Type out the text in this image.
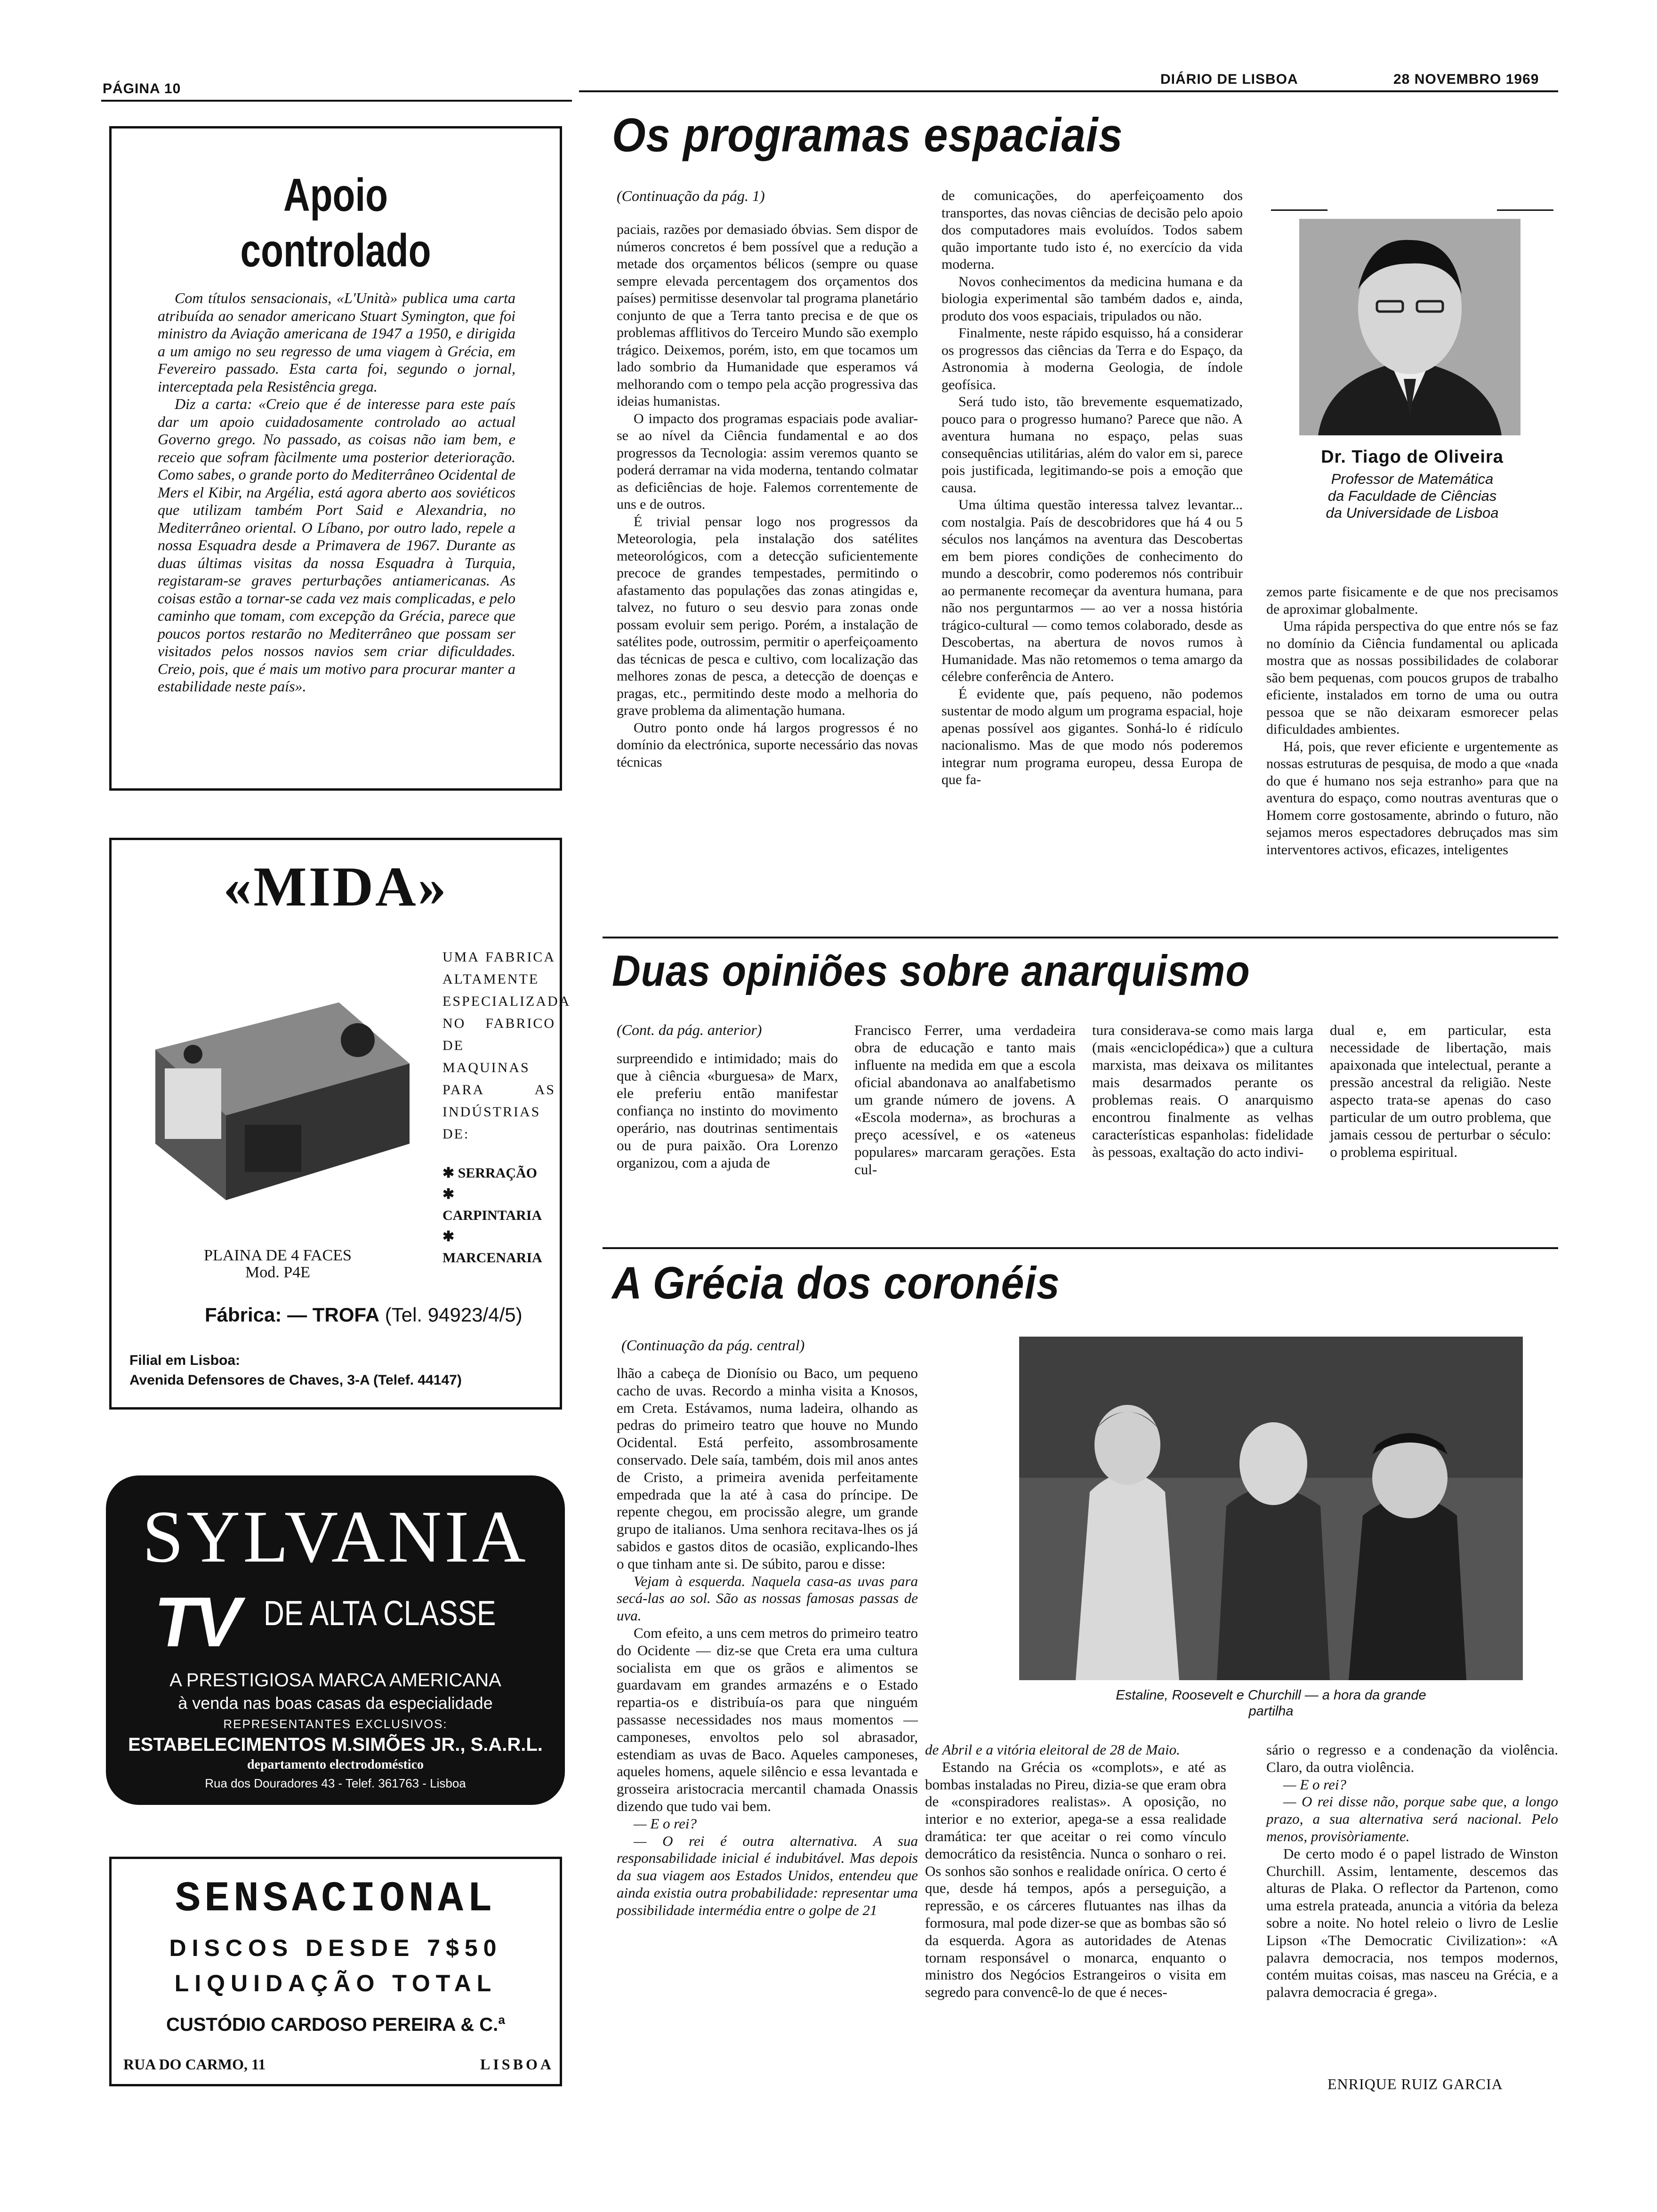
PÁGINA 10
DIÁRIO DE LISBOA	28 NOVEMBRO 1969
Apoio
controlado

Com títulos sensacionais, «L'Unità» publica uma carta atribuída ao senador americano Stuart Symington, que foi ministro da Aviação americana de 1947 a 1950, e dirigida a um amigo no seu regresso de uma viagem à Grécia, em Fevereiro passado. Esta carta foi, segundo o jornal, interceptada pela Resistência grega.

Diz a carta: «Creio que é de interesse para este país dar um apoio cuidadosamente controlado ao actual Governo grego. No passado, as coisas não iam bem, e receio que sofram fàcilmente uma posterior deterioração. Como sabes, o grande porto do Mediterrâneo Ocidental de Mers el Kibir, na Argélia, está agora aberto aos soviéticos que utilizam também Port Said e Alexandria, no Mediterrâneo oriental. O Líbano, por outro lado, repele a nossa Esquadra desde a Primavera de 1967. Durante as duas últimas visitas da nossa Esquadra à Turquia, registaram-se graves perturbações antiamericanas. As coisas estão a tornar-se cada vez mais complicadas, e pelo caminho que tomam, com excepção da Grécia, parece que poucos portos restarão no Mediterrâneo que possam ser visitados pelos nossos navios sem criar dificuldades. Creio, pois, que é mais um motivo para procurar manter a estabilidade neste país».

«MIDA»
PLAINA DE 4 FACES
Mod. P4E
UMA FABRICA ALTAMENTE ESPECIALIZADA NO FABRICO DE MAQUINAS PARA AS INDÚSTRIAS DE:
✱ SERRAÇÃO
✱ CARPINTARIA
✱ MARCENARIA
Fábrica: — TROFA (Tel. 94923/4/5)
Filial em Lisboa:
Avenida Defensores de Chaves, 3-A (Telef. 44147)
SYLVANIA
TV DE ALTA CLASSE
A PRESTIGIOSA MARCA AMERICANA
à venda nas boas casas da especialidade
REPRESENTANTES EXCLUSIVOS:
ESTABELECIMENTOS M.SIMÕES JR., S.A.R.L.
departamento electrodoméstico
Rua dos Douradores 43 - Telef. 361763 - Lisboa
SENSACIONAL
DISCOS DESDE 7$50
LIQUIDAÇÃO TOTAL
CUSTÓDIO CARDOSO PEREIRA & C.ª
RUA DO CARMO, 11	LISBOA
Os programas espaciais
(Continuação da pág. 1)

paciais, razões por demasiado óbvias. Sem dispor de números concretos é bem possível que a redução a metade dos orçamentos bélicos (sempre ou quase sempre elevada percentagem dos orçamentos dos países) permitisse desenvolar tal programa planetário conjunto de que a Terra tanto precisa e de que os problemas afflitivos do Terceiro Mundo são exemplo trágico. Deixemos, porém, isto, em que tocamos um lado sombrio da Humanidade que esperamos vá melhorando com o tempo pela acção progressiva das ideias humanistas.

O impacto dos programas espaciais pode avaliar-se ao nível da Ciência fundamental e ao dos progressos da Tecnologia: assim veremos quanto se poderá derramar na vida moderna, tentando colmatar as deficiências de hoje. Falemos correntemente de uns e de outros.

É trivial pensar logo nos progressos da Meteorologia, pela instalação dos satélites meteorológicos, com a detecção suficientemente precoce de grandes tempestades, permitindo o afastamento das populações das zonas atingidas e, talvez, no futuro o seu desvio para zonas onde possam evoluir sem perigo. Porém, a instalação de satélites pode, outrossim, permitir o aperfeiçoamento das técnicas de pesca e cultivo, com localização das melhores zonas de pesca, a detecção de doenças e pragas, etc., permitindo deste modo a melhoria do grave problema da alimentação humana.

Outro ponto onde há largos progressos é no domínio da electrónica, suporte necessário das novas técnicas

de comunicações, do aperfeiçoamento dos transportes, das novas ciências de decisão pelo apoio dos computadores mais evoluídos. Todos sabem quão importante tudo isto é, no exercício da vida moderna.

Novos conhecimentos da medicina humana e da biologia experimental são também dados e, ainda, produto dos voos espaciais, tripulados ou não.

Finalmente, neste rápido esquisso, há a considerar os progressos das ciências da Terra e do Espaço, da Astronomia à moderna Geologia, de índole geofísica.

Será tudo isto, tão brevemente esquematizado, pouco para o progresso humano? Parece que não. A aventura humana no espaço, pelas suas consequências utilitárias, além do valor em si, parece pois justificada, legitimando-se pois a emoção que causa.

Uma última questão interessa talvez levantar... com nostalgia. País de descobridores que há 4 ou 5 séculos nos lançámos na aventura das Descobertas em bem piores condições de conhecimento do mundo a descobrir, como poderemos nós contribuir ao permanente recomeçar da aventura humana, para não nos perguntarmos — ao ver a nossa história trágico-cultural — como temos colaborado, desde as Descobertas, na abertura de novos rumos à Humanidade. Mas não retomemos o tema amargo da célebre conferência de Antero.

É evidente que, país pequeno, não podemos sustentar de modo algum um programa espacial, hoje apenas possível aos gigantes. Sonhá-lo é ridículo nacionalismo. Mas de que modo nós poderemos integrar num programa europeu, dessa Europa de que fa-

Dr. Tiago de Oliveira
Professor de Matemática
da Faculdade de Ciências
da Universidade de Lisboa

zemos parte fisicamente e de que nos precisamos de aproximar globalmente.

Uma rápida perspectiva do que entre nós se faz no domínio da Ciência fundamental ou aplicada mostra que as nossas possibilidades de colaborar são bem pequenas, com poucos grupos de trabalho eficiente, instalados em torno de uma ou outra pessoa que se não deixaram esmorecer pelas dificuldades ambientes.

Há, pois, que rever eficiente e urgentemente as nossas estruturas de pesquisa, de modo a que «nada do que é humano nos seja estranho» para que na aventura do espaço, como noutras aventuras que o Homem corre gostosamente, abrindo o futuro, não sejamos meros espectadores debruçados mas sim interventores activos, eficazes, inteligentes

Duas opiniões sobre anarquismo
(Cont. da pág. anterior)
surpreendido e intimidado; mais do que à ciência «burguesa» de Marx, ele preferiu então manifestar confiança no instinto do movimento operário, nas doutrinas sentimentais ou de pura paixão. Ora Lorenzo organizou, com a ajuda de
Francisco Ferrer, uma verdadeira obra de educação e tanto mais influente na medida em que a escola oficial abandonava ao analfabetismo um grande número de jovens. A «Escola moderna», as brochuras a preço acessível, e os «ateneus populares» marcaram gerações. Esta cul-
tura considerava-se como mais larga (mais «enciclopédica») que a cultura marxista, mas deixava os militantes mais desarmados perante os problemas reais. O anarquismo encontrou finalmente as velhas características espanholas: fidelidade às pessoas, exaltação do acto indivi-
dual e, em particular, esta necessidade de libertação, mais apaixonada que intelectual, perante a pressão ancestral da religião. Neste aspecto trata-se apenas do caso particular de um outro problema, que jamais cessou de perturbar o século: o problema espiritual.
A Grécia dos coronéis
(Continuação da pág. central)

lhão a cabeça de Dionísio ou Baco, um pequeno cacho de uvas. Recordo a minha visita a Knosos, em Creta. Estávamos, numa ladeira, olhando as pedras do primeiro teatro que houve no Mundo Ocidental. Está perfeito, assombrosamente conservado. Dele saía, também, dois mil anos antes de Cristo, a primeira avenida perfeitamente empedrada que la até à casa do príncipe. De repente chegou, em procissão alegre, um grande grupo de italianos. Uma senhora recitava-lhes os já sabidos e gastos ditos de ocasião, explicando-lhes o que tinham ante si. De súbito, parou e disse:

Vejam à esquerda. Naquela casa-as uvas para secá-las ao sol. São as nossas famosas passas de uva.

Com efeito, a uns cem metros do primeiro teatro do Ocidente — diz-se que Creta era uma cultura socialista em que os grãos e alimentos se guardavam em grandes armazéns e o Estado repartia-os e distribuía-os para que ninguém passasse necessidades nos maus momentos — camponeses, envoltos pelo sol abrasador, estendiam as uvas de Baco. Aqueles camponeses, aqueles homens, aquele silêncio e essa levantada e grosseira aristocracia mercantil chamada Onassis dizendo que tudo vai bem.

— E o rei?

— O rei é outra alternativa. A sua responsabilidade inicial é indubitável. Mas depois da sua viagem aos Estados Unidos, entendeu que ainda existia outra probabilidade: representar uma possibilidade intermédia entre o golpe de 21

Estaline, Roosevelt e Churchill — a hora da grande
partilha

de Abril e a vitória eleitoral de 28 de Maio.

Estando na Grécia os «complots», e até as bombas instaladas no Pireu, dizia-se que eram obra de «conspiradores realistas». A oposição, no interior e no exterior, apega-se a essa realidade dramática: ter que aceitar o rei como vínculo democrático da resistência. Nunca o sonharo o rei. Os sonhos são sonhos e realidade onírica. O certo é que, desde há tempos, após a perseguição, a repressão, e os cárceres flutuantes nas ilhas da formosura, mal pode dizer-se que as bombas são só da esquerda. Agora as autoridades de Atenas tornam responsável o monarca, enquanto o ministro dos Negócios Estrangeiros o visita em segredo para convencê-lo de que é neces-

sário o regresso e a condenação da violência. Claro, da outra violência.

— E o rei?

— O rei disse não, porque sabe que, a longo prazo, a sua alternativa será nacional. Pelo menos, provisòriamente.

De certo modo é o papel listrado de Winston Churchill. Assim, lentamente, descemos das alturas de Plaka. O reflector da Partenon, como uma estrela prateada, anuncia a vitória da beleza sobre a noite. No hotel releio o livro de Leslie Lipson «The Democratic Civilization»: «A palavra democracia, nos tempos modernos, contém muitas coisas, mas nasceu na Grécia, e a palavra democracia é grega».

ENRIQUE RUIZ GARCIA
